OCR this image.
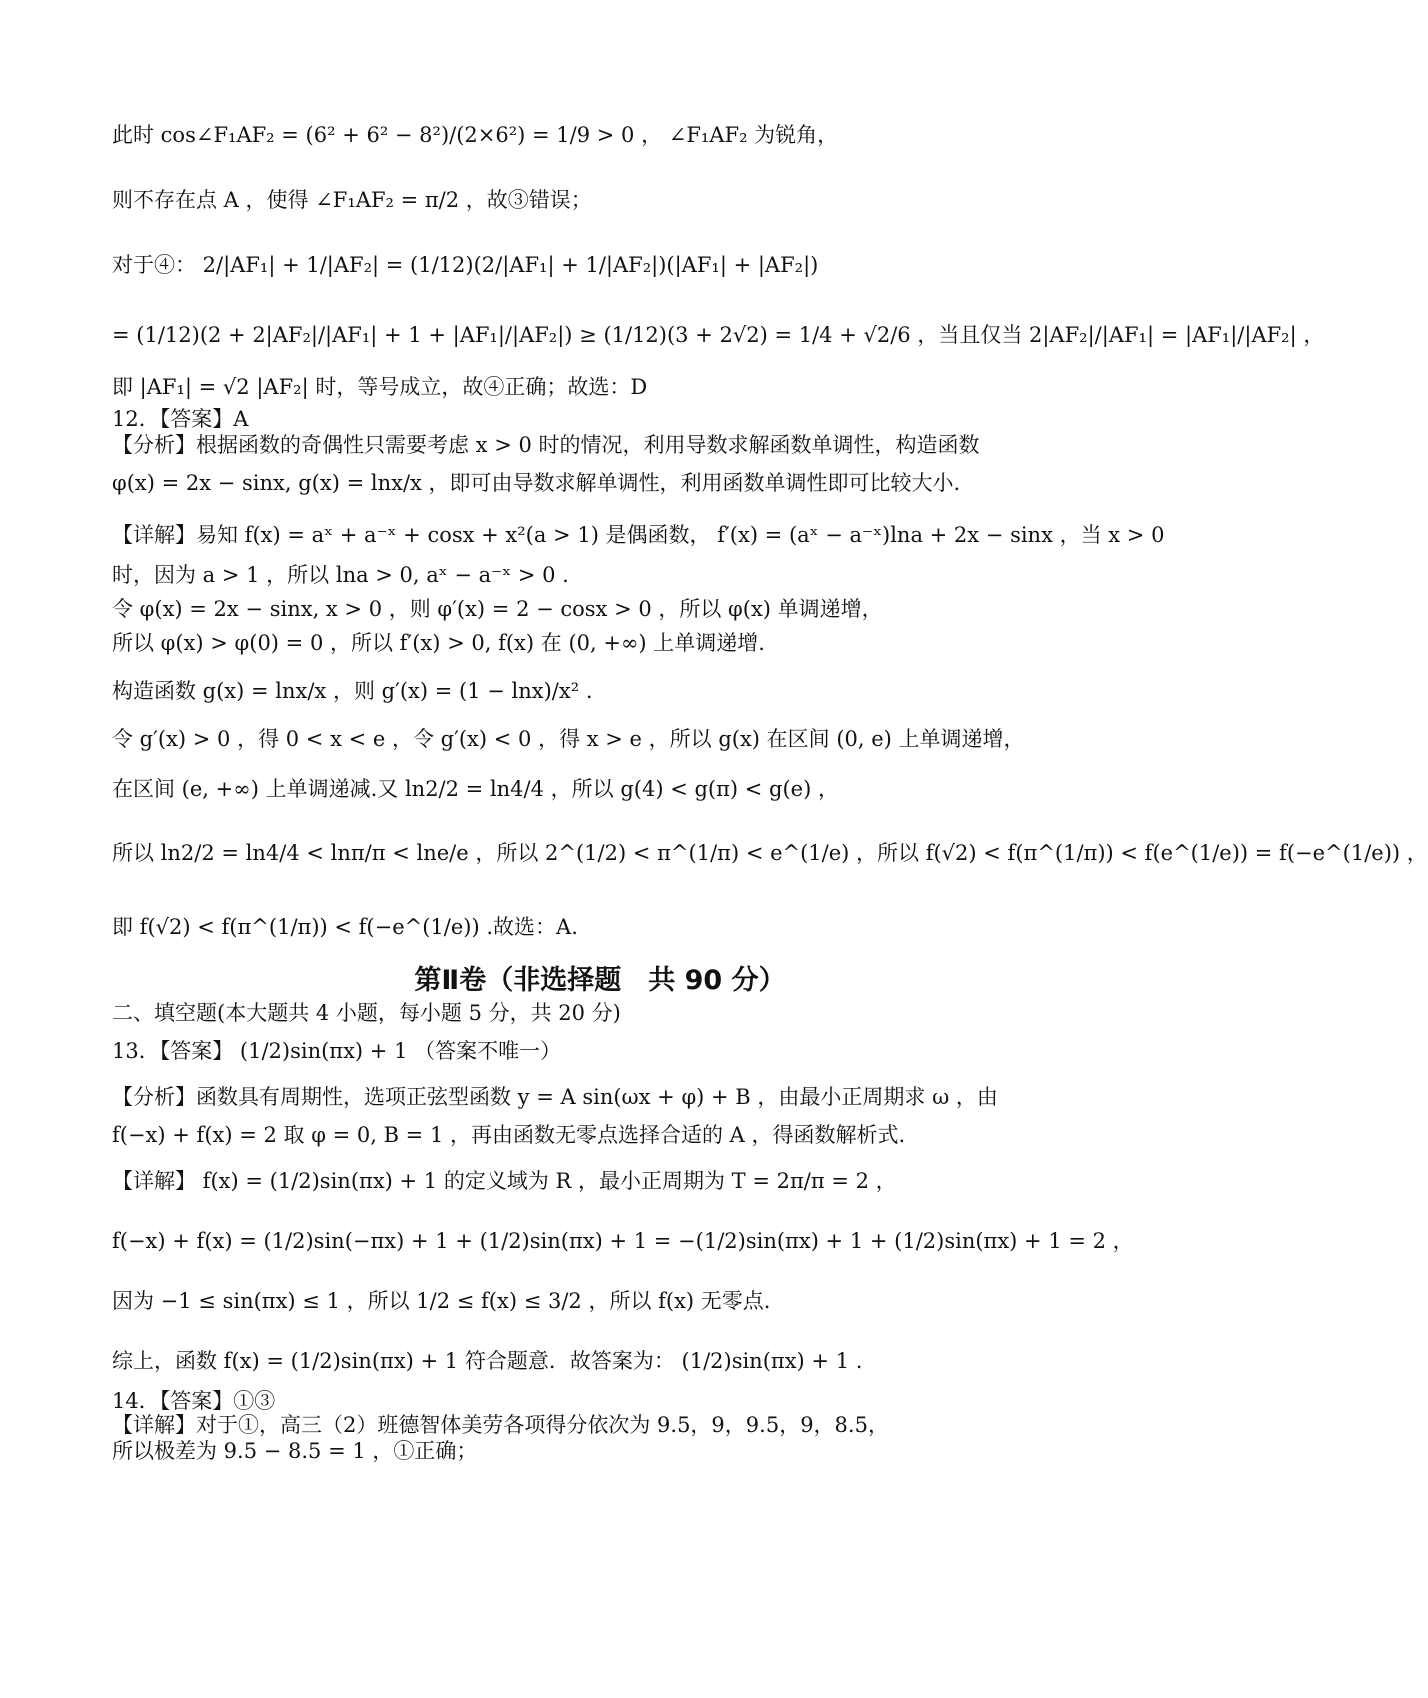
第Ⅱ卷（非选择题　共 90 分）
此时 cos∠F₁AF₂ = (6² + 6² − 8²)/(2×6²) = 1/9 > 0 ， ∠F₁AF₂ 为锐角，
则不存在点 A ，使得 ∠F₁AF₂ = π/2 ，故③错误；
对于④： 2/|AF₁| + 1/|AF₂| = (1/12)(2/|AF₁| + 1/|AF₂|)(|AF₁| + |AF₂|)
= (1/12)(2 + 2|AF₂|/|AF₁| + 1 + |AF₁|/|AF₂|) ≥ (1/12)(3 + 2√2) = 1/4 + √2/6 ，当且仅当 2|AF₂|/|AF₁| = |AF₁|/|AF₂| ，
即 |AF₁| = √2 |AF₂| 时，等号成立，故④正确；故选：D
12．【答案】A
【分析】根据函数的奇偶性只需要考虑 x > 0 时的情况，利用导数求解函数单调性，构造函数
φ(x) = 2x − sinx, g(x) = lnx/x ，即可由导数求解单调性，利用函数单调性即可比较大小.
【详解】易知 f(x) = aˣ + a⁻ˣ + cosx + x²(a > 1) 是偶函数， f′(x) = (aˣ − a⁻ˣ)lna + 2x − sinx ，当 x > 0
时，因为 a > 1 ，所以 lna > 0, aˣ − a⁻ˣ > 0 .
令 φ(x) = 2x − sinx, x > 0 ，则 φ′(x) = 2 − cosx > 0 ，所以 φ(x) 单调递增，
所以 φ(x) > φ(0) = 0 ，所以 f′(x) > 0, f(x) 在 (0, +∞) 上单调递增.
构造函数 g(x) = lnx/x ，则 g′(x) = (1 − lnx)/x² .
令 g′(x) > 0 ，得 0 < x < e ，令 g′(x) < 0 ，得 x > e ，所以 g(x) 在区间 (0, e) 上单调递增，
在区间 (e, +∞) 上单调递减.又 ln2/2 = ln4/4 ，所以 g(4) < g(π) < g(e) ，
所以 ln2/2 = ln4/4 < lnπ/π < lne/e ，所以 2^(1/2) < π^(1/π) < e^(1/e) ，所以 f(√2) < f(π^(1/π)) < f(e^(1/e)) = f(−e^(1/e)) ，
即 f(√2) < f(π^(1/π)) < f(−e^(1/e)) .故选：A.
二、填空题(本大题共 4 小题，每小题 5 分，共 20 分)
13．【答案】 (1/2)sin(πx) + 1 （答案不唯一）
【分析】函数具有周期性，选项正弦型函数 y = A sin(ωx + φ) + B ，由最小正周期求 ω ，由
f(−x) + f(x) = 2 取 φ = 0, B = 1 ，再由函数无零点选择合适的 A ，得函数解析式.
【详解】 f(x) = (1/2)sin(πx) + 1 的定义域为 R ，最小正周期为 T = 2π/π = 2 ，
f(−x) + f(x) = (1/2)sin(−πx) + 1 + (1/2)sin(πx) + 1 = −(1/2)sin(πx) + 1 + (1/2)sin(πx) + 1 = 2 ，
因为 −1 ≤ sin(πx) ≤ 1 ，所以 1/2 ≤ f(x) ≤ 3/2 ，所以 f(x) 无零点.
综上，函数 f(x) = (1/2)sin(πx) + 1 符合题意．故答案为： (1/2)sin(πx) + 1 .
14．【答案】①③
【详解】对于①，高三（2）班德智体美劳各项得分依次为 9.5，9，9.5，9，8.5，
所以极差为 9.5 − 8.5 = 1 ，①正确；
